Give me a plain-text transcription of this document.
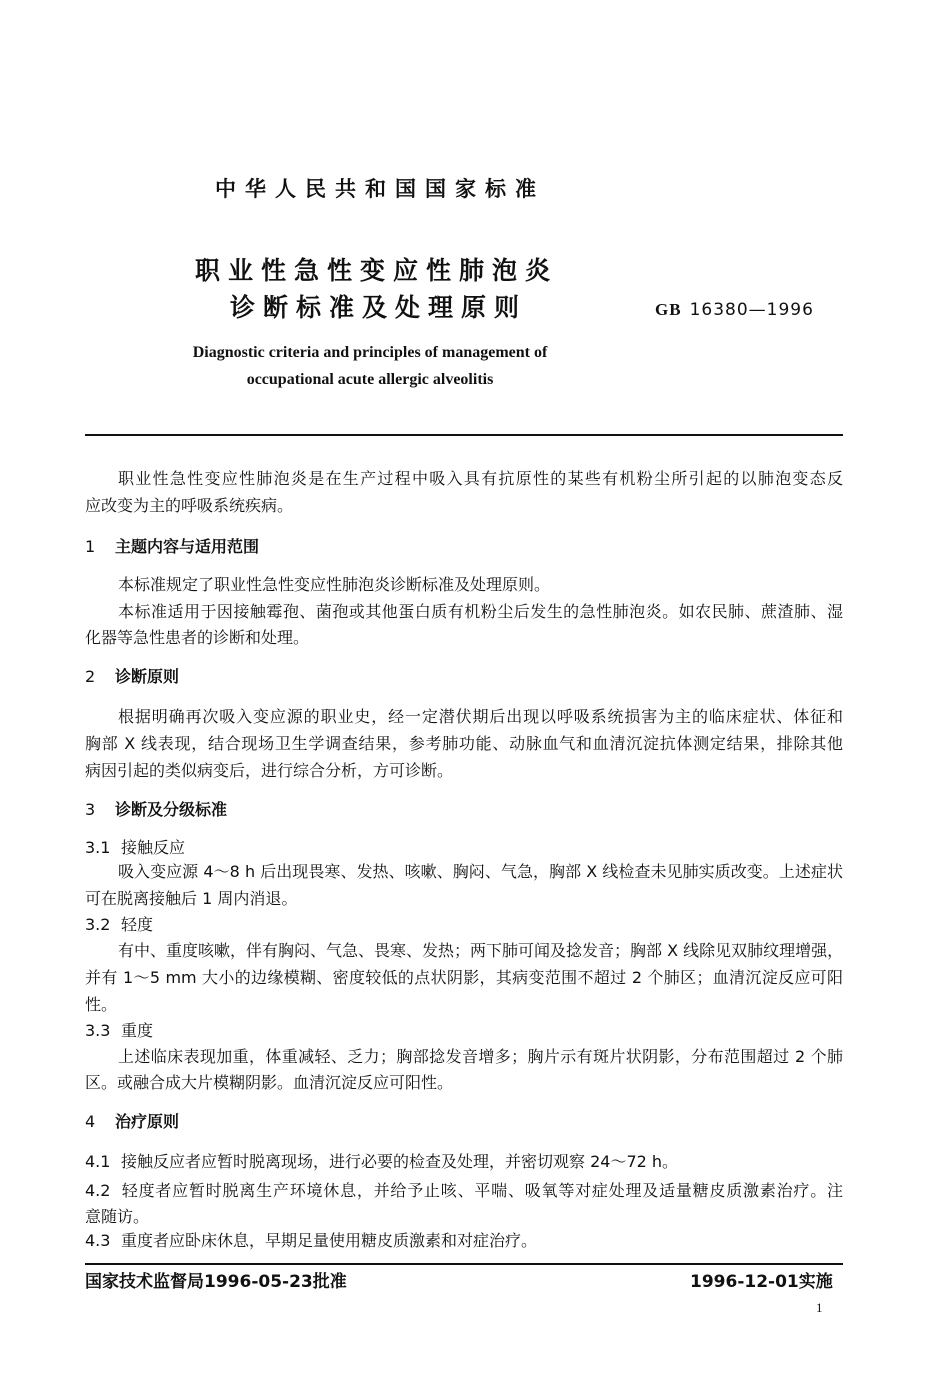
中华人民共和国国家标准
职业性急性变应性肺泡炎
诊断标准及处理原则	GB 16380—1996
Diagnostic criteria and principles of management of
occupational acute allergic alveolitis
职业性急性变应性肺泡炎是在生产过程中吸入具有抗原性的某些有机粉尘所引起的以肺泡变态反
应改变为主的呼吸系统疾病。
1 主题内容与适用范围
本标准规定了职业性急性变应性肺泡炎诊断标准及处理原则。
本标准适用于因接触霉孢、菌孢或其他蛋白质有机粉尘后发生的急性肺泡炎。如农民肺、蔗渣肺、湿
化器等急性患者的诊断和处理。
2 诊断原则
根据明确再次吸入变应源的职业史，经一定潜伏期后出现以呼吸系统损害为主的临床症状、体征和
胸部 X 线表现，结合现场卫生学调查结果，参考肺功能、动脉血气和血清沉淀抗体测定结果，排除其他
病因引起的类似病变后，进行综合分析，方可诊断。
3 诊断及分级标准
3.1 接触反应
吸入变应源 4～8 h 后出现畏寒、发热、咳嗽、胸闷、气急，胸部 X 线检查未见肺实质改变。上述症状
可在脱离接触后 1 周内消退。
3.2 轻度
有中、重度咳嗽，伴有胸闷、气急、畏寒、发热；两下肺可闻及捻发音；胸部 X 线除见双肺纹理增强，
并有 1～5 mm 大小的边缘模糊、密度较低的点状阴影，其病变范围不超过 2 个肺区；血清沉淀反应可阳
性。
3.3 重度
上述临床表现加重，体重减轻、乏力；胸部捻发音增多；胸片示有斑片状阴影，分布范围超过 2 个肺
区。或融合成大片模糊阴影。血清沉淀反应可阳性。
4 治疗原则
4.1 接触反应者应暂时脱离现场，进行必要的检查及处理，并密切观察 24～72 h。
4.2 轻度者应暂时脱离生产环境休息，并给予止咳、平喘、吸氧等对症处理及适量糖皮质激素治疗。注
意随访。
4.3 重度者应卧床休息，早期足量使用糖皮质激素和对症治疗。
国家技术监督局1996-05-23批准	1996-12-01实施
1
